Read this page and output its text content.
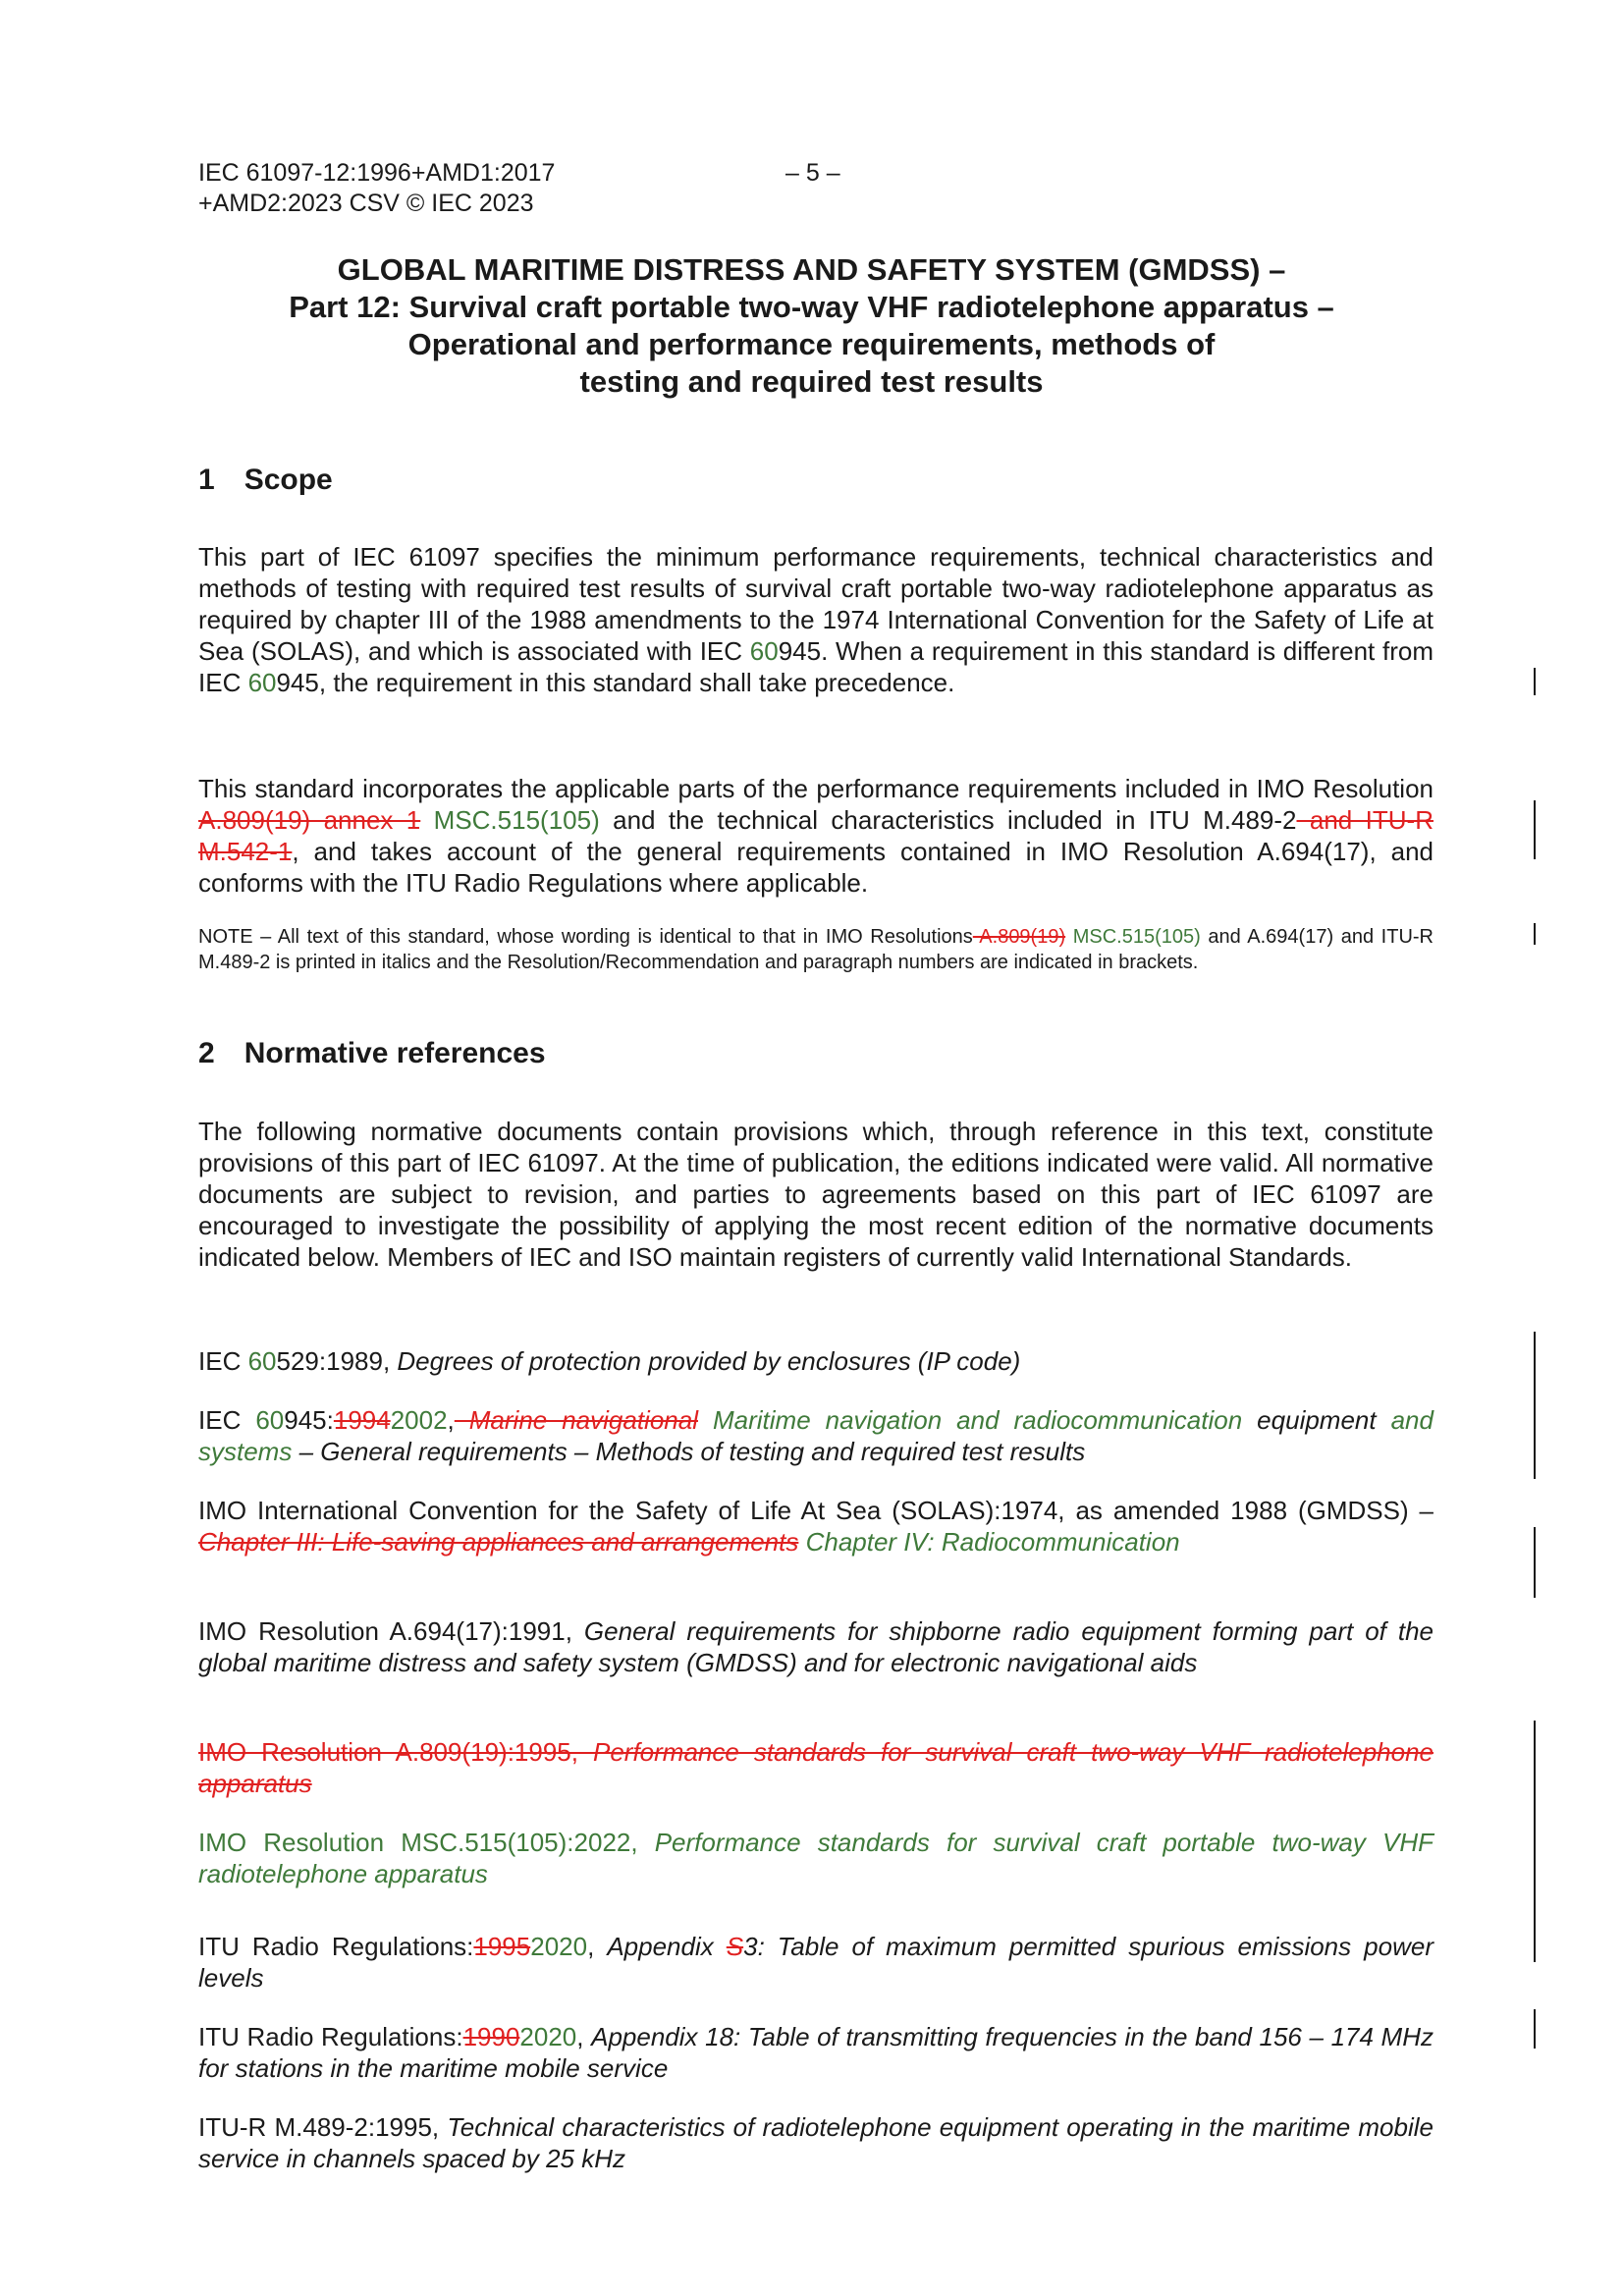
IEC 61097-12:1996+AMD1:2017
+AMD2:2023 CSV © IEC 2023
– 5 –
GLOBAL MARITIME DISTRESS AND SAFETY SYSTEM (GMDSS) –
Part 12: Survival craft portable two-way VHF radiotelephone apparatus –
Operational and performance requirements, methods of
testing and required test results
1 Scope
This part of IEC 61097 specifies the minimum performance requirements, technical characteristics and methods of testing with required test results of survival craft portable two-way radiotelephone apparatus as required by chapter III of the 1988 amendments to the 1974 International Convention for the Safety of Life at Sea (SOLAS), and which is associated with IEC 60945. When a requirement in this standard is different from IEC 60945, the requirement in this standard shall take precedence.
This standard incorporates the applicable parts of the performance requirements included in IMO Resolution A.809(19) annex 1 MSC.515(105) and the technical characteristics included in ITU M.489-2 and ITU-R M.542-1, and takes account of the general requirements contained in IMO Resolution A.694(17), and conforms with the ITU Radio Regulations where applicable.
NOTE – All text of this standard, whose wording is identical to that in IMO Resolutions A.809(19) MSC.515(105) and A.694(17) and ITU-R M.489-2 is printed in italics and the Resolution/Recommendation and paragraph numbers are indicated in brackets.
2 Normative references
The following normative documents contain provisions which, through reference in this text, constitute provisions of this part of IEC 61097. At the time of publication, the editions indicated were valid. All normative documents are subject to revision, and parties to agreements based on this part of IEC 61097 are encouraged to investigate the possibility of applying the most recent edition of the normative documents indicated below. Members of IEC and ISO maintain registers of currently valid International Standards.
IEC 60529:1989, Degrees of protection provided by enclosures (IP code)
IEC 60945:19942002, Marine navigational Maritime navigation and radiocommunication equipment and systems – General requirements – Methods of testing and required test results
IMO International Convention for the Safety of Life At Sea (SOLAS):1974, as amended 1988 (GMDSS) – Chapter III: Life-saving appliances and arrangements Chapter IV: Radiocommunication
IMO Resolution A.694(17):1991, General requirements for shipborne radio equipment forming part of the global maritime distress and safety system (GMDSS) and for electronic navigational aids
IMO Resolution A.809(19):1995, Performance standards for survival craft two-way VHF radiotelephone apparatus
IMO Resolution MSC.515(105):2022, Performance standards for survival craft portable two-way VHF radiotelephone apparatus
ITU Radio Regulations:19952020, Appendix S3: Table of maximum permitted spurious emissions power levels
ITU Radio Regulations:19902020, Appendix 18: Table of transmitting frequencies in the band 156 – 174 MHz for stations in the maritime mobile service
ITU-R M.489-2:1995, Technical characteristics of radiotelephone equipment operating in the maritime mobile service in channels spaced by 25 kHz
